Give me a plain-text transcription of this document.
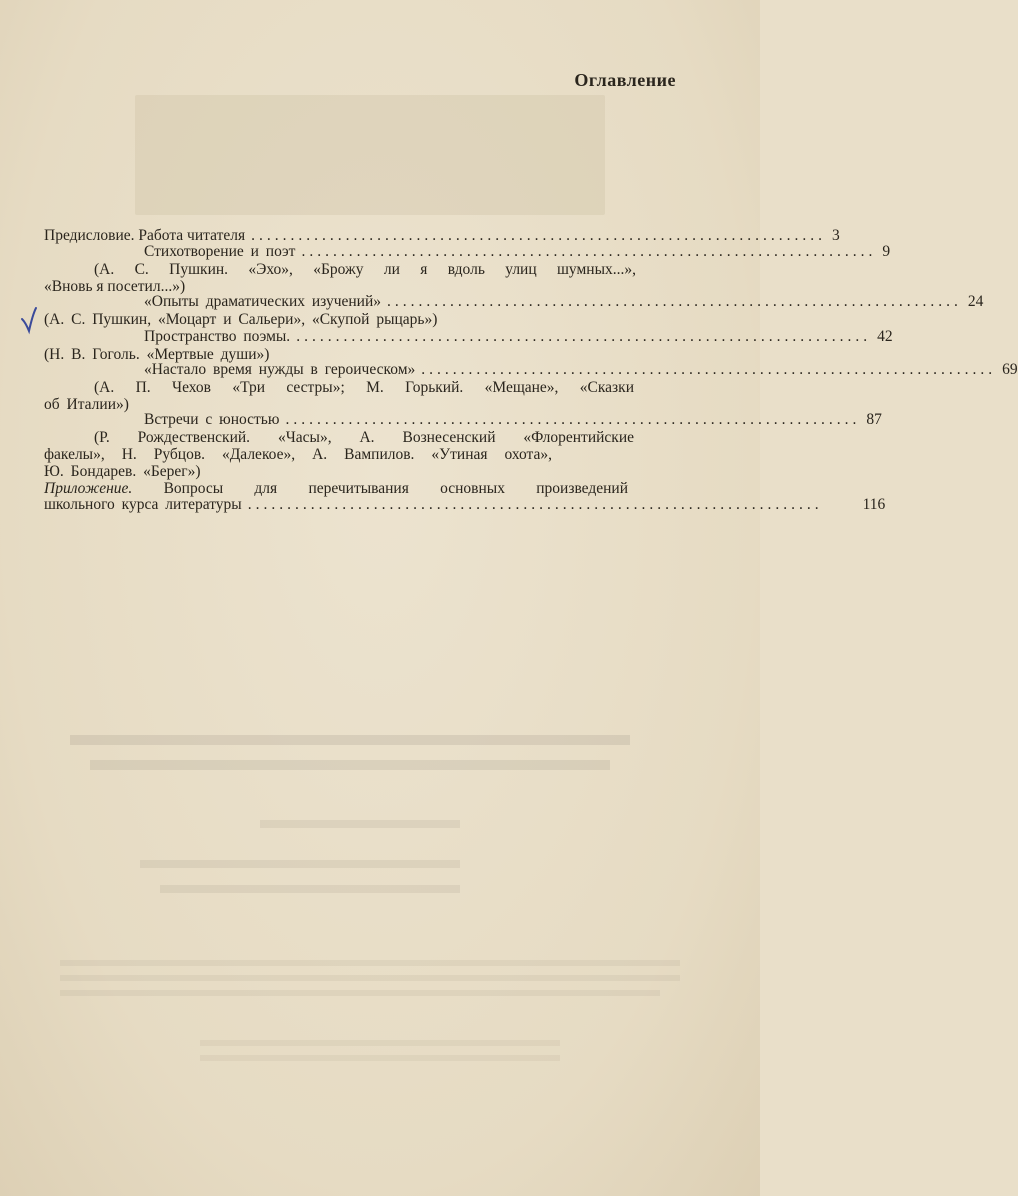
Оглавление
Предисловие. Работа читателя ......................................................................... 3
Стихотворение и поэт ......................................................................... 9
(А. С. Пушкин. «Эхо», «Брожу ли я вдоль улиц шумных...»,
«Вновь я посетил...»)
«Опыты драматических изучений» ......................................................................... 24
(А. С. Пушкин, «Моцарт и Сальери», «Скупой рыцарь»)
Пространство поэмы. ......................................................................... 42
(Н. В. Гоголь. «Мертвые души»)
«Настало время нужды в героическом» ......................................................................... 69
(А. П. Чехов «Три сестры»; М. Горький. «Мещане», «Сказки
об Италии»)
Встречи с юностью ......................................................................... 87
(Р. Рождественский. «Часы», А. Вознесенский «Флорентийские
факелы», Н. Рубцов. «Далекое», А. Вампилов. «Утиная охота»,
Ю. Бондарев. «Берег»)
Приложение. Вопросы для перечитывания основных произведений
школьного курса литературы .........................................................................	116
